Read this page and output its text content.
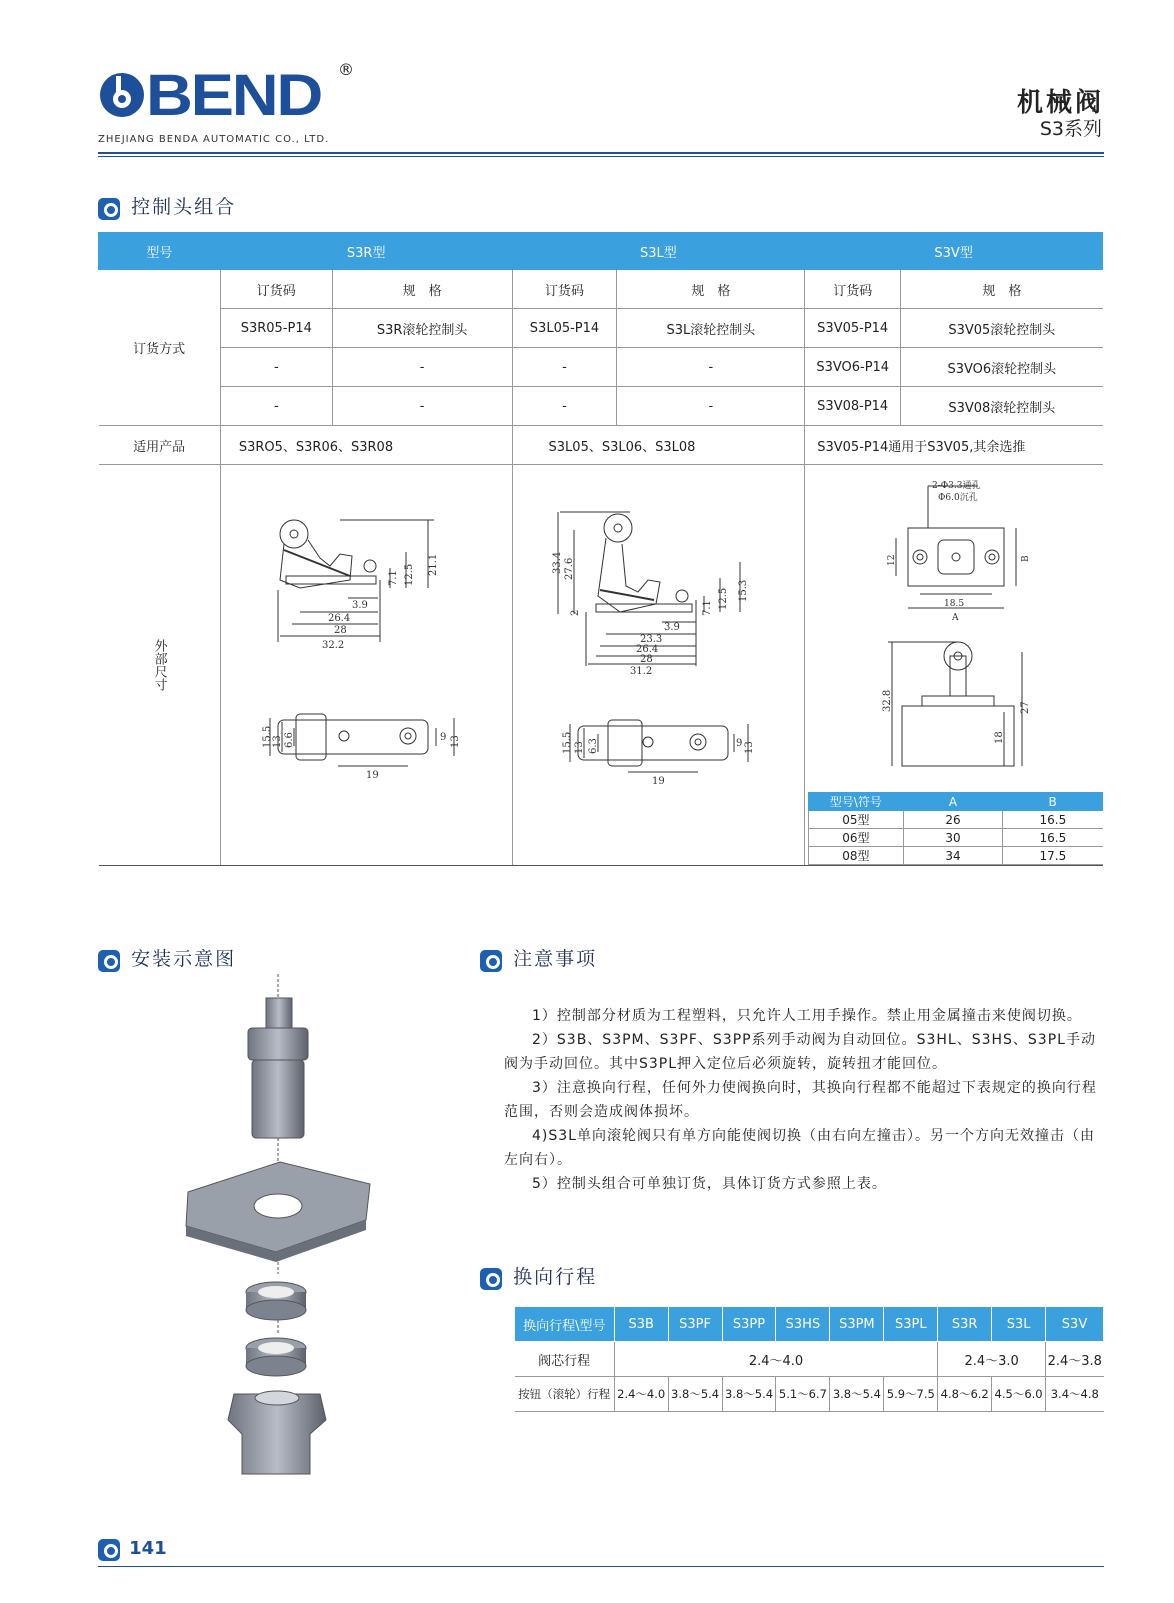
BEND ®
ZHEJIANG BENDA AUTOMATIC CO., LTD.
机械阀
S3系列
控制头组合
型号	S3R型		S3L型		S3V型	
订货方式	订货码	规　格	订货码	规　格	订货码	规　格
	S3R05-P14	S3R滚轮控制头	S3L05-P14	S3L滚轮控制头	S3V05-P14	S3V05滚轮控制头
	-	-	-	-	S3VO6-P14	S3VO6滚轮控制头
	-	-	-	-	S3V08-P14	S3V08滚轮控制头
适用产品	S3RO5、S3R06、S3R08		S3L05、S3L06、S3L08		S3V05-P14通用于S3V05,其余选推	

外部尺寸						

3.9
26.4
28
32.2
7.1 12.5 21.1
15.5 13 6.6	9 13
19
33.4 27.6
2
3.9
23.3
26.4
28
31.2
7.1 12.5 15.3
15.5 13 6.3	9 13
19
2-Φ3.3通孔
Φ6.0沉孔
12	B
18.5
A
32.8
18
27
型号\符号	A	B
05型	26	16.5
06型	30	16.5
08型	34	17.5
安装示意图	注意事项

1）控制部分材质为工程塑料，只允许人工用手操作。禁止用金属撞击来使阀切换。

2）S3B、S3PM、S3PF、S3PP系列手动阀为自动回位。S3HL、S3HS、S3PL手动阀为手动回位。其中S3PL押入定位后必须旋转，旋转扭才能回位。

3）注意换向行程，任何外力使阀换向时，其换向行程都不能超过下表规定的换向行程范围，否则会造成阀体损坏。

4)S3L单向滚轮阀只有单方向能使阀切换（由右向左撞击）。另一个方向无效撞击（由左向右）。

5）控制头组合可单独订货，具体订货方式参照上表。

换向行程
换向行程\型号	S3B	S3PF	S3PP	S3HS	S3PM	S3PL	S3R	S3L	S3V
阀芯行程	2.4～4.0						2.4～3.0		2.4～3.8
按钮（滚轮）行程	2.4～4.0	3.8～5.4	3.8～5.4	5.1～6.7	3.8～5.4	5.9～7.5	4.8～6.2	4.5～6.0	3.4～4.8
141
